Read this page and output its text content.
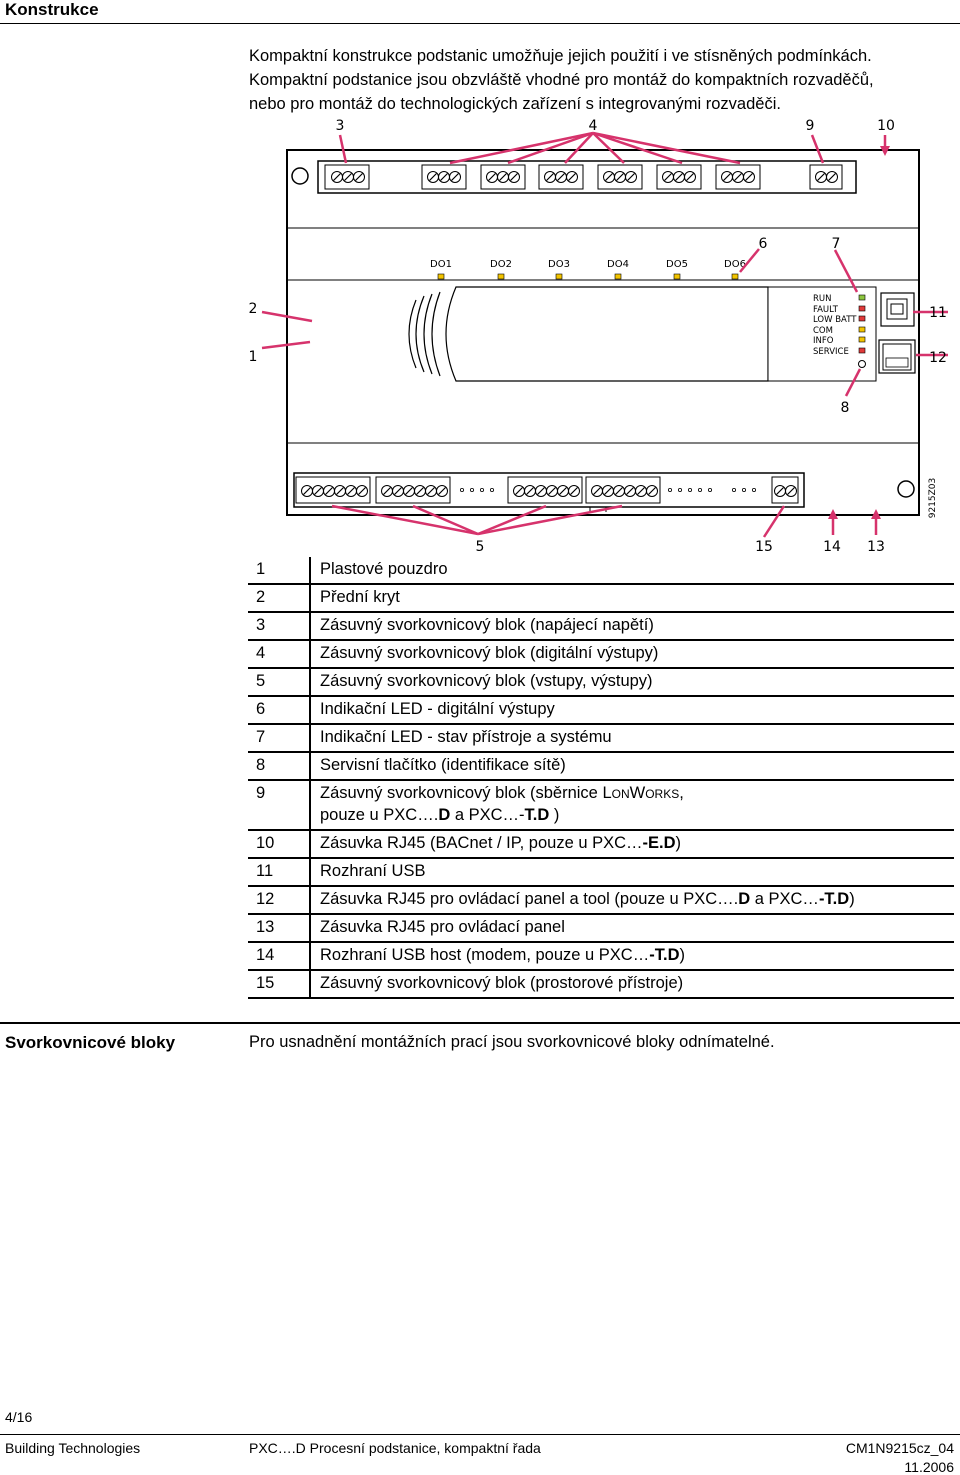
Konstrukce

Kompaktní konstrukce podstanic umožňuje jejich použití i ve stísněných podmínkách.

Kompaktní podstanice jsou obzvláště vhodné pro montáž do kompaktních rozvaděčů,

nebo pro montáž do technologických zařízení s integrovanými rozvaděči.

DO1	DO2	DO3	DO4	DO5	DO6
RUN
FAULT
LOW BATT
COM
INFO
SERVICE
9215Z03
3	4	9	10
6	7
2
1
11
12
8
5	15	14 13
1	Plastové pouzdro
2	Přední kryt
3	Zásuvný svorkovnicový blok (napájecí napětí)
4	Zásuvný svorkovnicový blok (digitální výstupy)
5	Zásuvný svorkovnicový blok (vstupy, výstupy)
6	Indikační LED - digitální výstupy
7	Indikační LED - stav přístroje a systému
8	Servisní tlačítko (identifikace sítě)
9	Zásuvný svorkovnicový blok (sběrnice LonWorks,
pouze u PXC….D a PXC…-T.D )
10	Zásuvka RJ45 (BACnet / IP, pouze u PXC…-E.D)
11	Rozhraní USB
12	Zásuvka RJ45 pro ovládací panel a tool (pouze u PXC….D a PXC…-T.D)
13	Zásuvka RJ45 pro ovládací panel
14	Rozhraní USB host (modem, pouze u PXC…-T.D)
15	Zásuvný svorkovnicový blok (prostorové přístroje)
Svorkovnicové bloky	Pro usnadnění montážních prací jsou svorkovnicové bloky odnímatelné.
4/16
Building Technologies	PXC….D Procesní podstanice, kompaktní řada	CM1N9215cz_04
11.2006
